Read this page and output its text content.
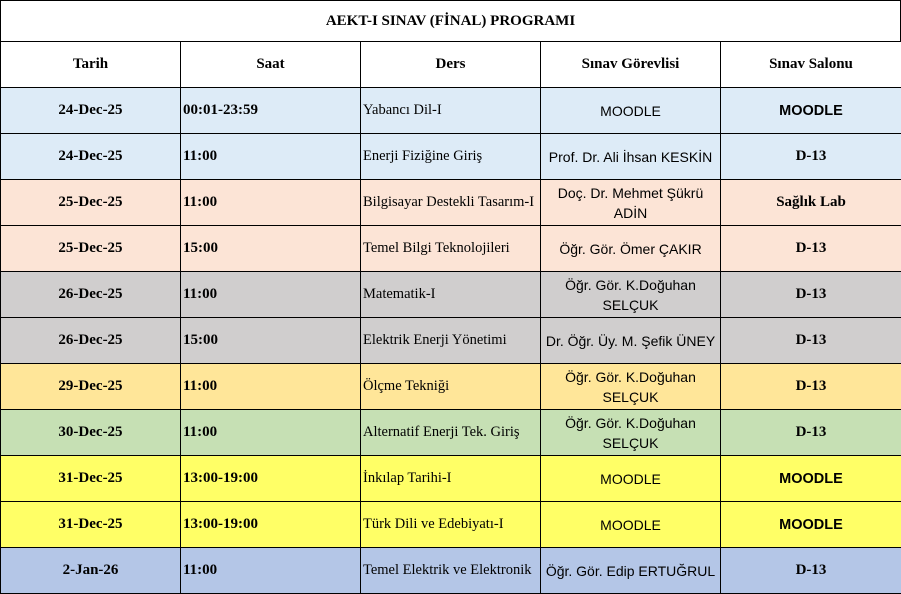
AEKT-I SINAV (FİNAL) PROGRAMI
Tarih	Saat	Ders	Sınav Görevlisi	Sınav Salonu
24-Dec-25	00:01-23:59	Yabancı Dil-I	MOODLE	MOODLE
24-Dec-25	11:00	Enerji Fiziğine Giriş	Prof. Dr. Ali İhsan KESKİN	D-13
25-Dec-25	11:00	Bilgisayar Destekli Tasarım-I	Doç. Dr. Mehmet Şükrü ADİN	Sağlık Lab
25-Dec-25	15:00	Temel Bilgi Teknolojileri	Öğr. Gör. Ömer ÇAKIR	D-13
26-Dec-25	11:00	Matematik-I	Öğr. Gör. K.Doğuhan SELÇUK	D-13
26-Dec-25	15:00	Elektrik Enerji Yönetimi	Dr. Öğr. Üy. M. Şefik ÜNEY	D-13
29-Dec-25	11:00	Ölçme Tekniği	Öğr. Gör. K.Doğuhan SELÇUK	D-13
30-Dec-25	11:00	Alternatif Enerji Tek. Giriş	Öğr. Gör. K.Doğuhan SELÇUK	D-13
31-Dec-25	13:00-19:00	İnkılap Tarihi-I	MOODLE	MOODLE
31-Dec-25	13:00-19:00	Türk Dili ve Edebiyatı-I	MOODLE	MOODLE
2-Jan-26	11:00	Temel Elektrik ve Elektronik	Öğr. Gör. Edip ERTUĞRUL	D-13
